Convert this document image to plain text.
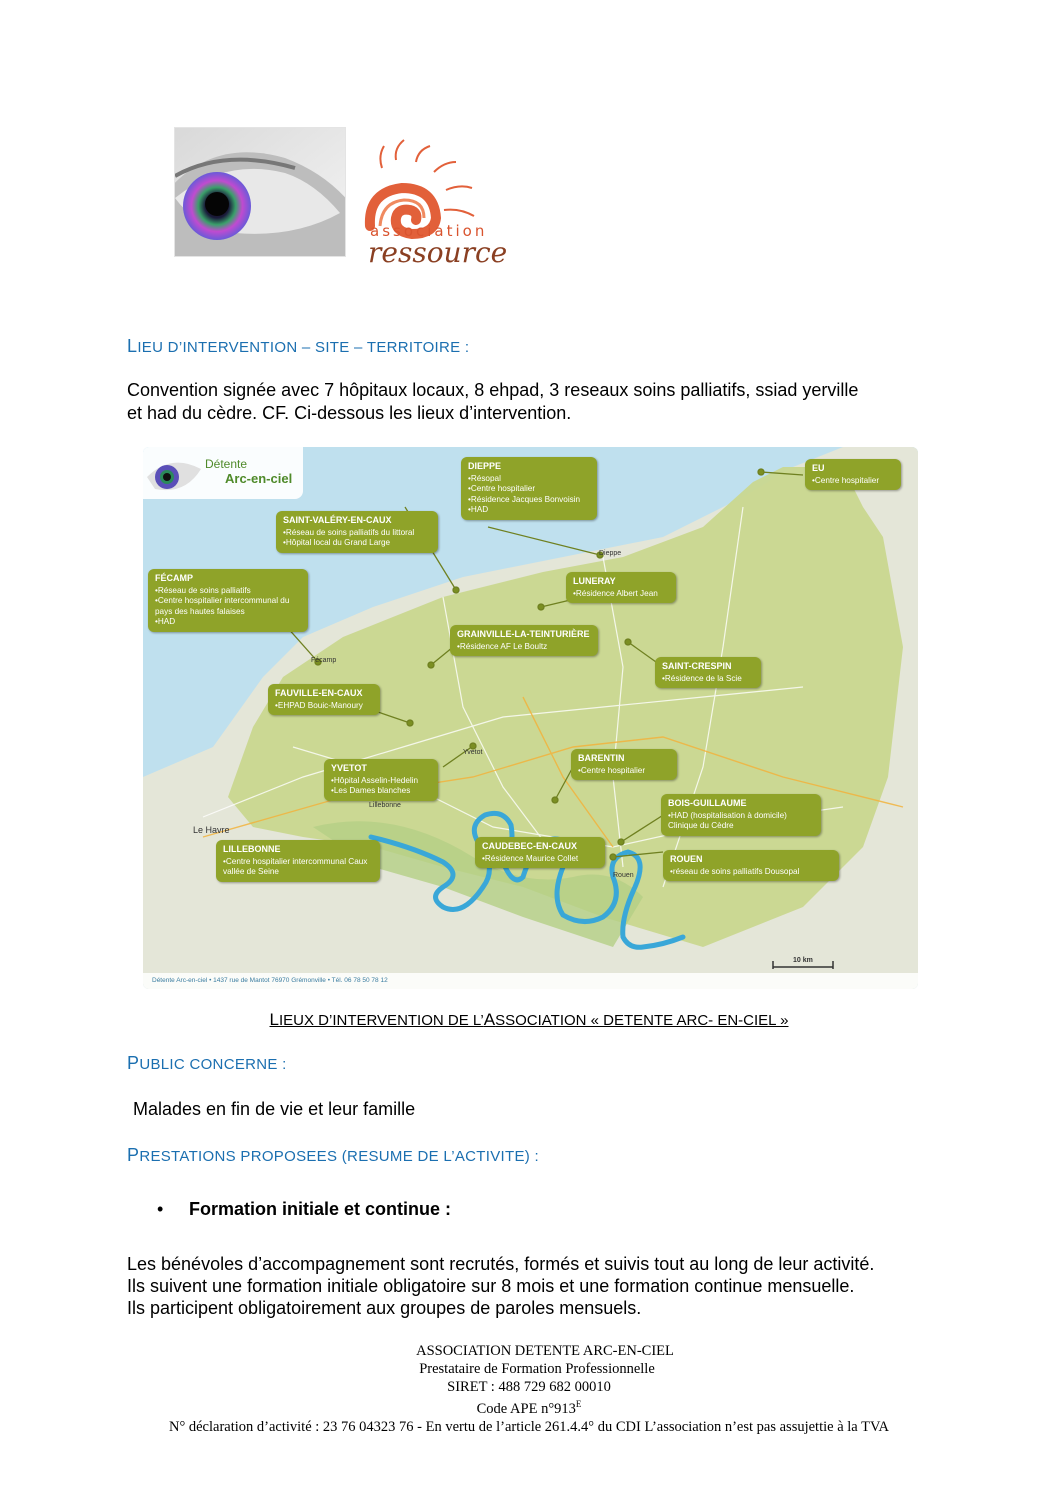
association
ressource
LIEU D’INTERVENTION – SITE – TERRITOIRE :
Convention signée avec 7 hôpitaux locaux, 8 ehpad, 3 reseaux soins palliatifs, ssiad yerville
et had du cèdre. CF. Ci-dessous les lieux d’intervention.
Le Havre
Rouen
Dieppe
Fécamp
Yvetot
Lillebonne
10 km
Détente
Arc-en-ciel
DIEPPE
• Résopal
• Centre hospitalier
• Résidence Jacques Bonvoisin
• HAD
EU
• Centre hospitalier
SAINT-VALÉRY-EN-CAUX
• Réseau de soins palliatifs du littoral
• Hôpital local du Grand Large
FÉCAMP
• Réseau de soins palliatifs
• Centre hospitalier intercommunal du pays des hautes falaises
• HAD
LUNERAY
• Résidence Albert Jean
GRAINVILLE-LA-TEINTURIÈRE
• Résidence AF Le Boultz
SAINT-CRESPIN
• Résidence de la Scie
FAUVILLE-EN-CAUX
• EHPAD Bouic-Manoury
YVETOT
• Hôpital Asselin-Hedelin
• Les Dames blanches
BARENTIN
• Centre hospitalier
BOIS-GUILLAUME
• HAD (hospitalisation à domicile) Clinique du Cèdre
LILLEBONNE
• Centre hospitalier intercommunal Caux vallée de Seine
CAUDEBEC-EN-CAUX
• Résidence Maurice Collet	ROUEN
• réseau de soins palliatifs Dousopal
Détente Arc-en-ciel • 1437 rue de Mantot 76970 Grémonville • Tél. 06 78 50 78 12
LIEUX D’INTERVENTION DE L’ASSOCIATION « DETENTE ARC- EN-CIEL »
PUBLIC CONCERNE :
Malades en fin de vie et leur famille
PRESTATIONS PROPOSEES (RESUME DE L’ACTIVITE) :
• Formation initiale et continue :
Les bénévoles d’accompagnement sont recrutés, formés et suivis tout au long de leur activité.
Ils suivent une formation initiale obligatoire sur 8 mois et une formation continue mensuelle.
Ils participent obligatoirement aux groupes de paroles mensuels.
ASSOCIATION DETENTE ARC-EN-CIEL
Prestataire de Formation Professionnelle
SIRET : 488 729 682 00010
Code APE $n^\circ 913^E$
N° déclaration d’activité : 23 76 04323 76 - En vertu de l’article 261.4.4° du CDI L’association n’est pas assujettie à la TVA
